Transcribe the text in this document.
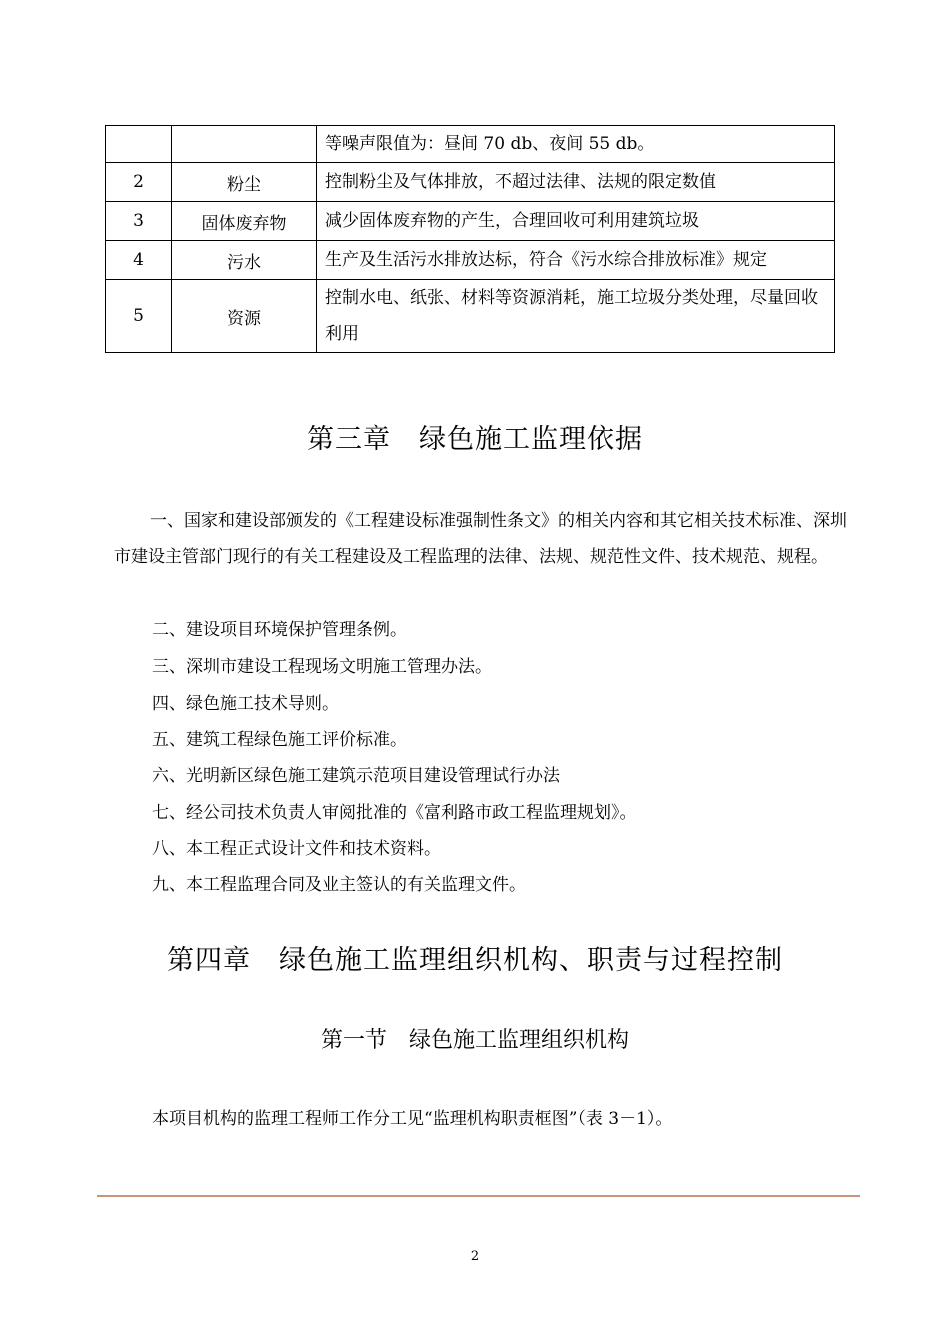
		等噪声限值为：昼间 70 db、夜间 55 db。
2	粉尘	控制粉尘及气体排放，不超过法律、法规的限定数值
3	固体废弃物	减少固体废弃物的产生，合理回收可利用建筑垃圾
4	污水	生产及生活污水排放达标，符合《污水综合排放标准》规定
5	资源	控制水电、纸张、材料等资源消耗，施工垃圾分类处理，尽量回收利用
第三章　绿色施工监理依据
一、国家和建设部颁发的《工程建设标准强制性条文》的相关内容和其它相关技术标准、深圳市建设主管部门现行的有关工程建设及工程监理的法律、法规、规范性文件、技术规范、规程。
二、建设项目环境保护管理条例。
三、深圳市建设工程现场文明施工管理办法。
四、绿色施工技术导则。
五、建筑工程绿色施工评价标准。
六、光明新区绿色施工建筑示范项目建设管理试行办法
七、经公司技术负责人审阅批准的《富利路市政工程监理规划》。
八、本工程正式设计文件和技术资料。
九、本工程监理合同及业主签认的有关监理文件。
第四章　绿色施工监理组织机构、职责与过程控制
第一节　绿色施工监理组织机构
本项目机构的监理工程师工作分工见“监理机构职责框图”（表 3－1）。
2
